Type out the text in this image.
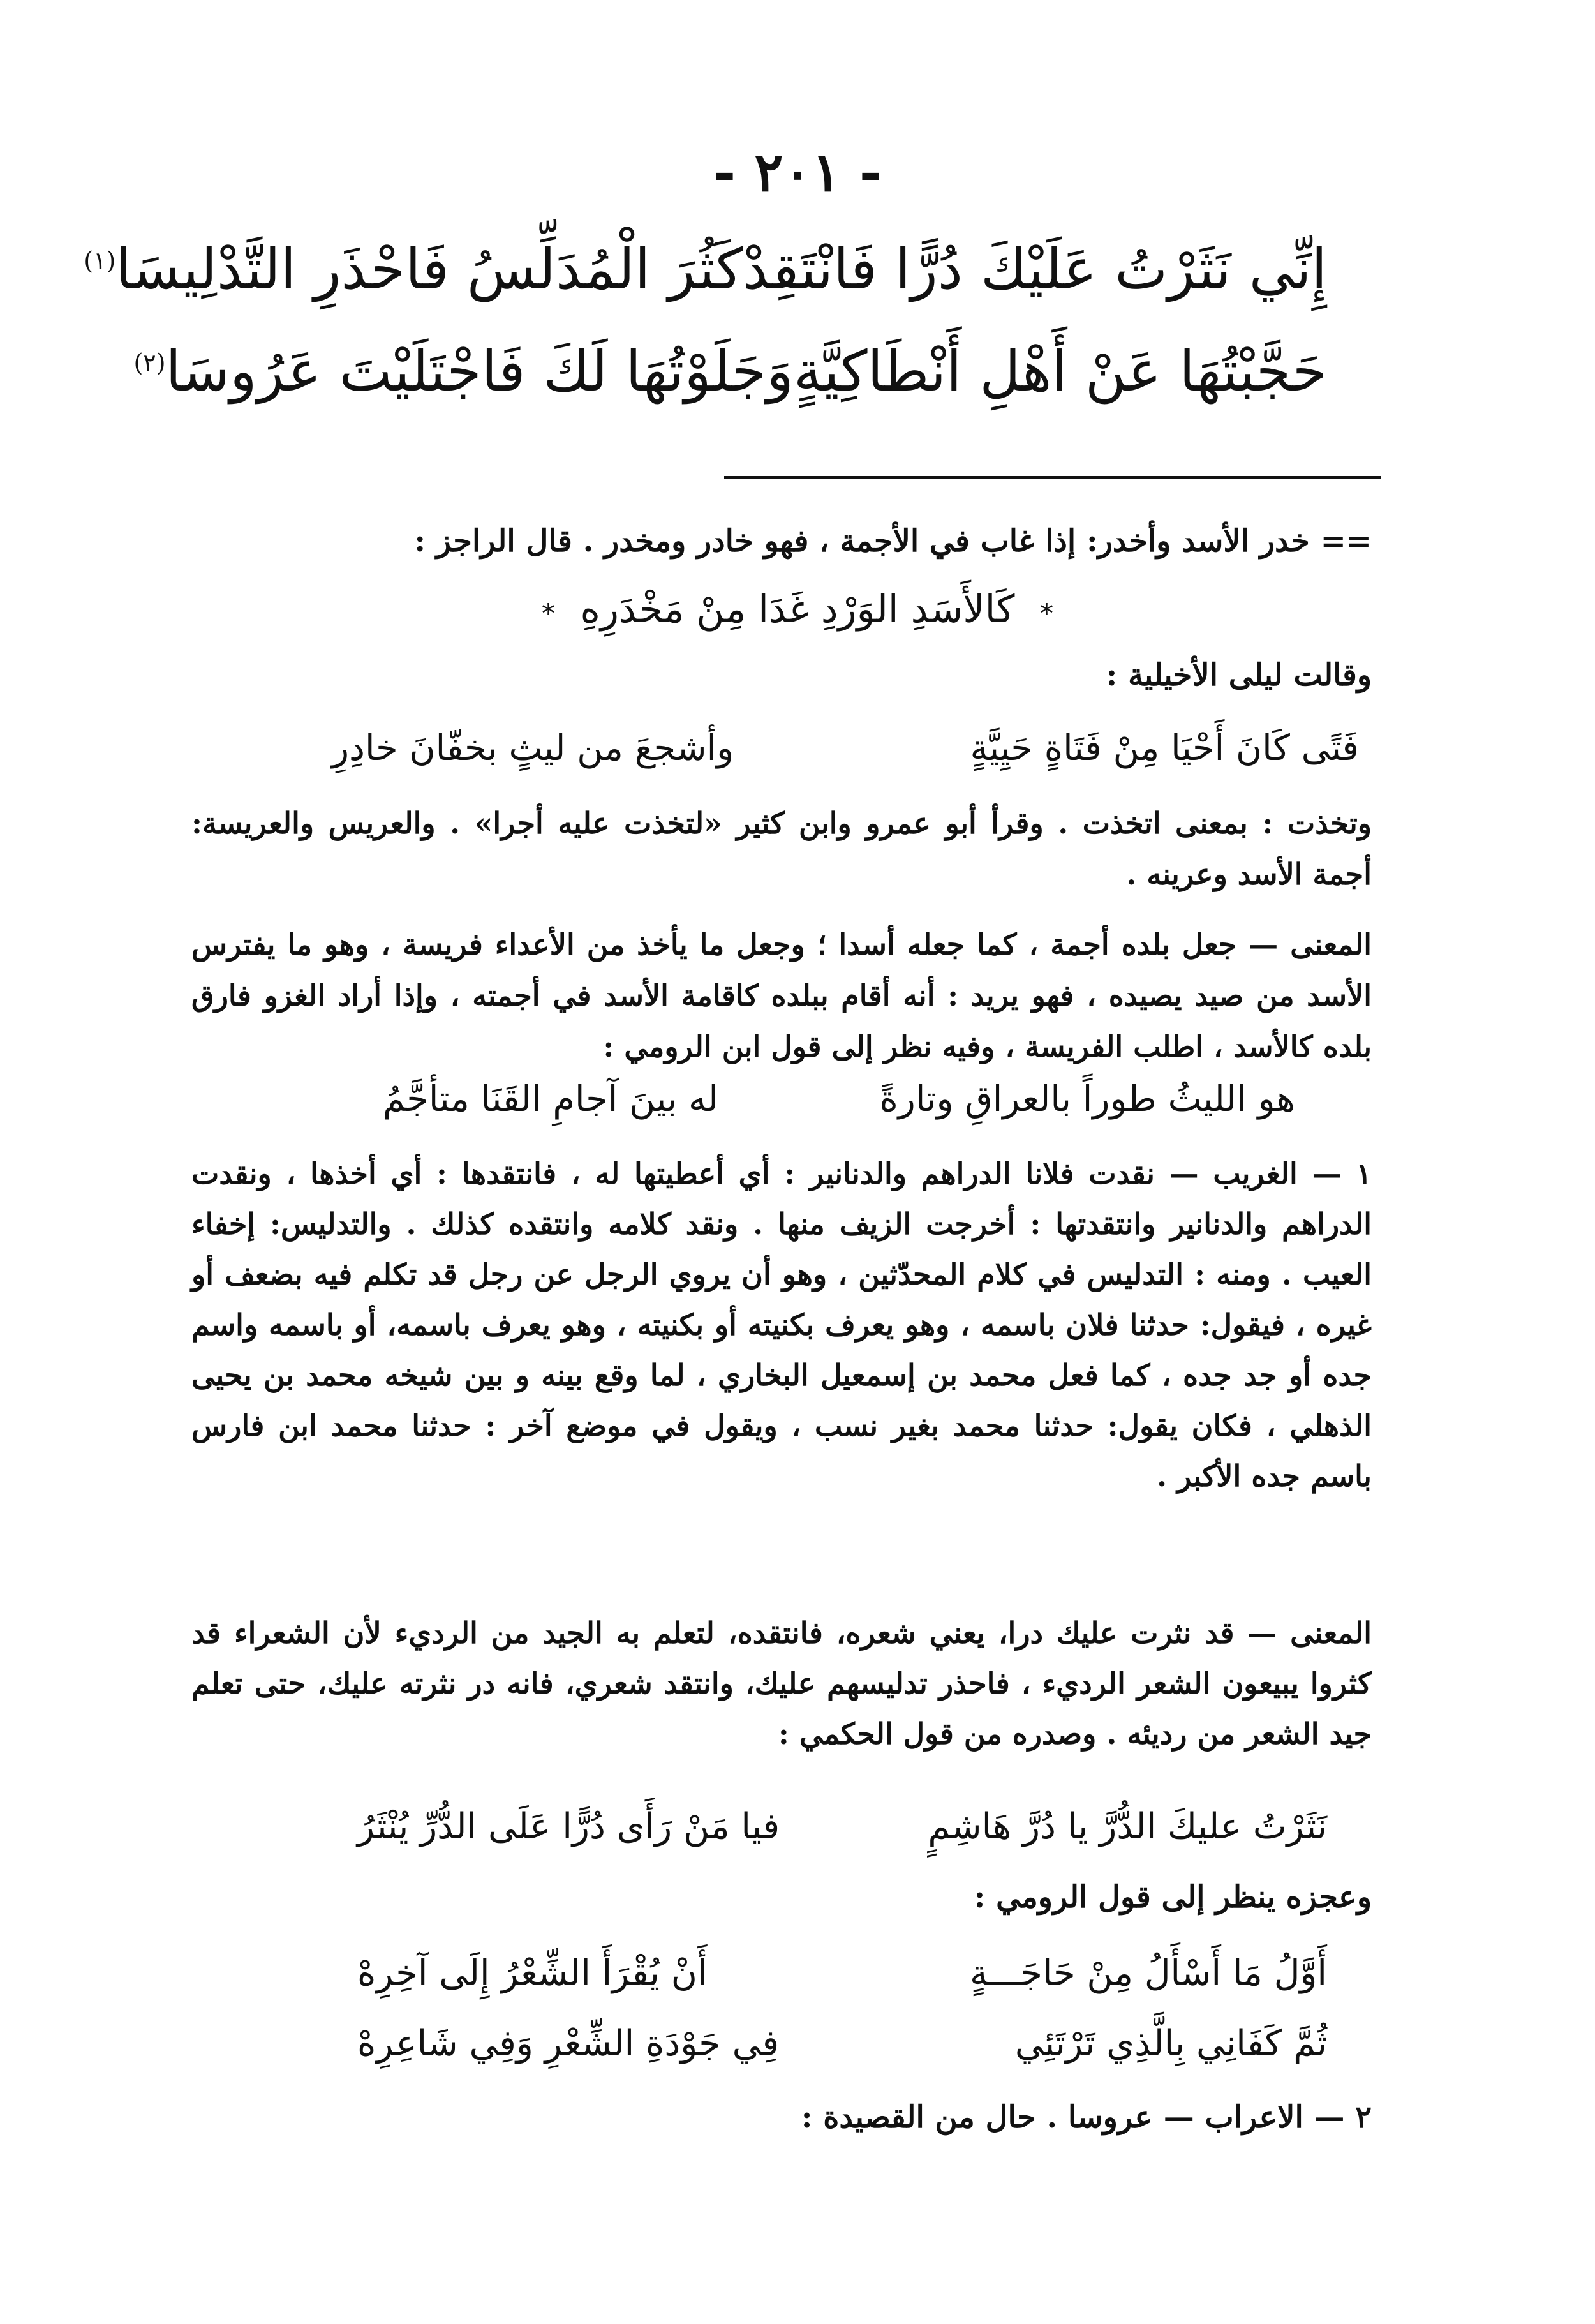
- ٢٠١ -
إِنِّي نَثَرْتُ عَلَيْكَ دُرًّا فَانْتَقِدْ
كَثُرَ الْمُدَلِّسُ فَاحْذَرِ التَّدْلِيسَا$^{(١)}$
حَجَّبْتُهَا عَنْ أَهْلِ أَنْطَاكِيَّةٍ
وَجَلَوْتُهَا لَكَ فَاجْتَلَيْتَ عَرُوسَا$^{(٢)}$
== خدر الأسد وأخدر: إذا غاب في الأجمة ، فهو خادر ومخدر . قال الراجز :
*كَالأَسَدِ الوَرْدِ غَدَا مِنْ مَخْدَرِهِ*
وقالت ليلى الأخيلية :
فَتًى كَانَ أَحْيَا مِنْ فَتَاةٍ حَيِيَّةٍ
وأشجعَ من ليثٍ بخفّانَ خادِرِ
وتخذت : بمعنى اتخذت . وقرأ أبو عمرو وابن كثير «لتخذت عليه أجرا» . والعريس والعريسة: أجمة الأسد وعرينه .
المعنى — جعل بلده أجمة ، كما جعله أسدا ؛ وجعل ما يأخذ من الأعداء فريسة ، وهو ما يفترس الأسد من صيد يصيده ، فهو يريد : أنه أقام ببلده كاقامة الأسد في أجمته ، وإذا أراد الغزو فارق بلده كالأسد ، اطلب الفريسة ، وفيه نظر إلى قول ابن الرومي :
هو الليثُ طوراً بالعراقِ وتارةً
له بينَ آجامِ القَنَا متأجَّمُ
١ — الغريب — نقدت فلانا الدراهم والدنانير : أي أعطيتها له ، فانتقدها : أي أخذها ، ونقدت الدراهم والدنانير وانتقدتها : أخرجت الزيف منها . ونقد كلامه وانتقده كذلك . والتدليس: إخفاء العيب . ومنه : التدليس في كلام المحدّثين ، وهو أن يروي الرجل عن رجل قد تكلم فيه بضعف أو غيره ، فيقول: حدثنا فلان باسمه ، وهو يعرف بكنيته أو بكنيته ، وهو يعرف باسمه، أو باسمه واسم جده أو جد جده ، كما فعل محمد بن إسمعيل البخاري ، لما وقع بينه و بين شيخه محمد بن يحيى الذهلي ، فكان يقول: حدثنا محمد بغير نسب ، ويقول في موضع آخر : حدثنا محمد ابن فارس باسم جده الأكبر .
المعنى — قد نثرت عليك درا، يعني شعره، فانتقده، لتعلم به الجيد من الرديء لأن الشعراء قد كثروا يبيعون الشعر الرديء ، فاحذر تدليسهم عليك، وانتقد شعري، فانه در نثرته عليك، حتى تعلم جيد الشعر من رديئه . وصدره من قول الحكمي :
نَثَرْتُ عليكَ الدُّرَّ يا دُرَّ هَاشِمٍ
فيا مَنْ رَأَى دُرًّا عَلَى الدُّرِّ يُنْثَرُ
وعجزه ينظر إلى قول الرومي :
أَوَّلُ مَا أَسْأَلُ مِنْ حَاجَـــةٍ
أَنْ يُقْرَأَ الشِّعْرُ إِلَى آخِرِهْ
ثُمَّ كَفَانِي بِالَّذِي تَرْتَئِي
فِي جَوْدَةِ الشِّعْرِ وَفِي شَاعِرِهْ
٢ — الاعراب — عروسا . حال من القصيدة :
